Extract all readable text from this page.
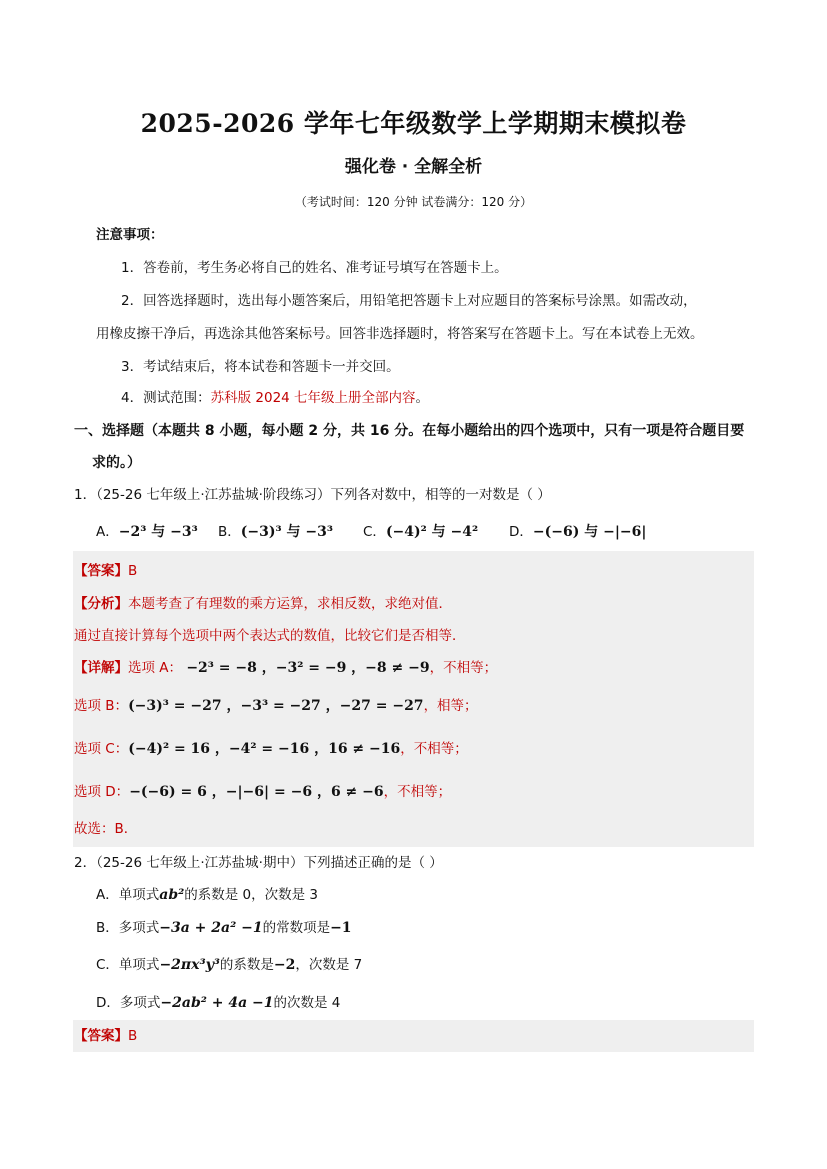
2025-2026 学年七年级数学上学期期末模拟卷
强化卷 · 全解全析
（考试时间：120 分钟 试卷满分：120 分）
注意事项：
1．答卷前，考生务必将自己的姓名、准考证号填写在答题卡上。
2．回答选择题时，选出每小题答案后，用铅笔把答题卡上对应题目的答案标号涂黑。如需改动，
用橡皮擦干净后，再选涂其他答案标号。回答非选择题时，将答案写在答题卡上。写在本试卷上无效。
3．考试结束后，将本试卷和答题卡一并交回。
4．测试范围：苏科版 2024 七年级上册全部内容。
一、选择题（本题共 8 小题，每小题 2 分，共 16 分。在每小题给出的四个选项中，只有一项是符合题目要
求的。）
1．（25-26 七年级上·江苏盐城·阶段练习）下列各对数中，相等的一对数是（ ）
A．−2³ 与 −3³ B．(−3)³ 与 −3³ C．(−4)² 与 −4² D．−(−6) 与 −|−6|
【答案】B
【分析】本题考查了有理数的乘方运算，求相反数，求绝对值．
通过直接计算每个选项中两个表达式的数值，比较它们是否相等．
【详解】选项 A： −2³ = −8 ，−3² = −9 ，−8 ≠ −9，不相等；
选项 B：(−3)³ = −27 ，−3³ = −27 ，−27 = −27，相等；
选项 C：(−4)² = 16 ，−4² = −16 ，16 ≠ −16，不相等；
选项 D：−(−6) = 6 ，−|−6| = −6 ，6 ≠ −6，不相等；
故选：B．
2．（25-26 七年级上·江苏盐城·期中）下列描述正确的是（ ）
A．单项式ab²的系数是 0，次数是 3
B．多项式−3a + 2a² −1的常数项是−1
C．单项式−2πx³y³的系数是−2，次数是 7
D．多项式−2ab² + 4a −1的次数是 4
【答案】B
